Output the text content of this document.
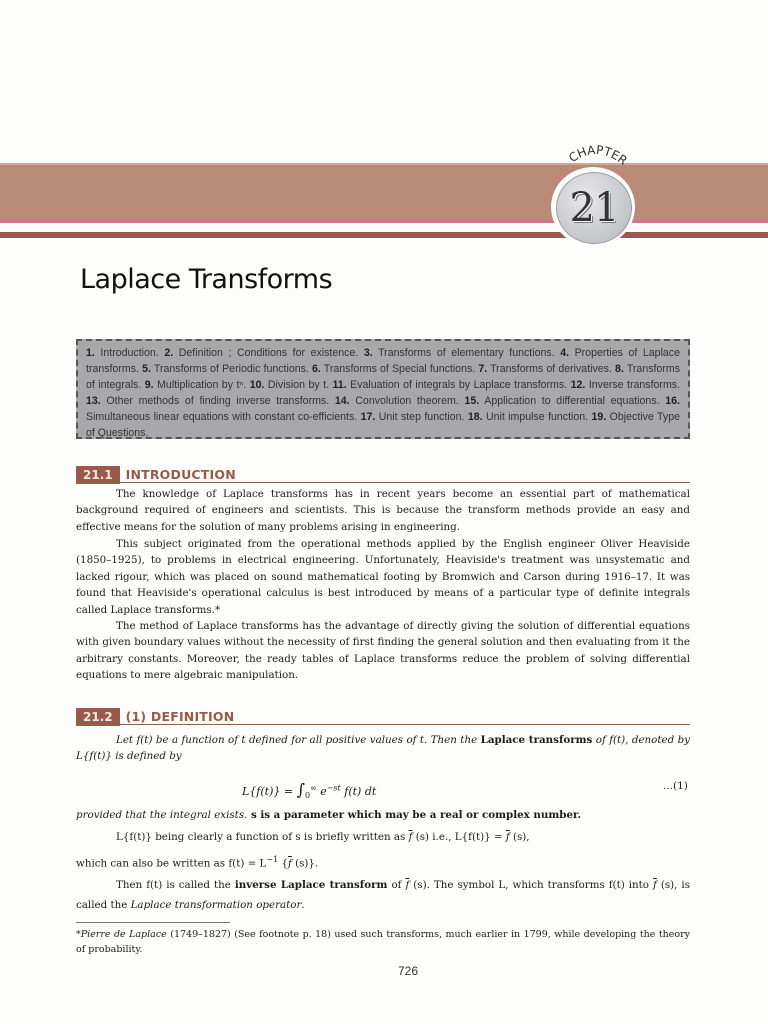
CHAPTER
21
Laplace Transforms
1. Introduction. 2. Definition ; Conditions for existence. 3. Transforms of elementary functions. 4. Properties of Laplace transforms. 5. Transforms of Periodic functions. 6. Transforms of Special functions. 7. Transforms of derivatives. 8. Transforms of integrals. 9. Multiplication by tⁿ. 10. Division by t. 11. Evaluation of integrals by Laplace transforms. 12. Inverse transforms. 13. Other methods of finding inverse transforms. 14. Convolution theorem. 15. Application to differential equations. 16. Simultaneous linear equations with constant co-efficients. 17. Unit step function. 18. Unit impulse function. 19. Objective Type of Questions.
21.1 INTRODUCTION

The knowledge of Laplace transforms has in recent years become an essential part of mathematical background required of engineers and scientists. This is because the transform methods provide an easy and effective means for the solution of many problems arising in engineering.

This subject originated from the operational methods applied by the English engineer Oliver Heaviside (1850–1925), to problems in electrical engineering. Unfortunately, Heaviside's treatment was unsystematic and lacked rigour, which was placed on sound mathematical footing by Bromwich and Carson during 1916–17. It was found that Heaviside's operational calculus is best introduced by means of a particular type of definite integrals called Laplace transforms.*

The method of Laplace transforms has the advantage of directly giving the solution of differential equations with given boundary values without the necessity of first finding the general solution and then evaluating from it the arbitrary constants. Moreover, the ready tables of Laplace transforms reduce the problem of solving differential equations to mere algebraic manipulation.

21.2 (1) DEFINITION

Let f(t) be a function of t defined for all positive values of t. Then the Laplace transforms of f(t), denoted by L{f(t)} is defined by

$L\{f(t)\} = \int_0^\infty$ $e^{-st}$ f(t) dt	...(1)

provided that the integral exists. s is a parameter which may be a real or complex number.

L{f(t)} being clearly a function of s is briefly written as $\overline{f}$ (s) i.e., $L\{f(t)\} = \overline{f}$ (s),

which can also be written as $f(t) = L^{-1}$ {$\overline{f}$ (s)}.

Then f(t) is called the inverse Laplace transform of $\overline{f}$ (s). The symbol L, which transforms f(t) into $\overline{f}$ (s), is called the Laplace transformation operator.

*Pierre de Laplace (1749–1827) (See footnote p. 18) used such transforms, much earlier in 1799, while developing the theory of probability.

726
